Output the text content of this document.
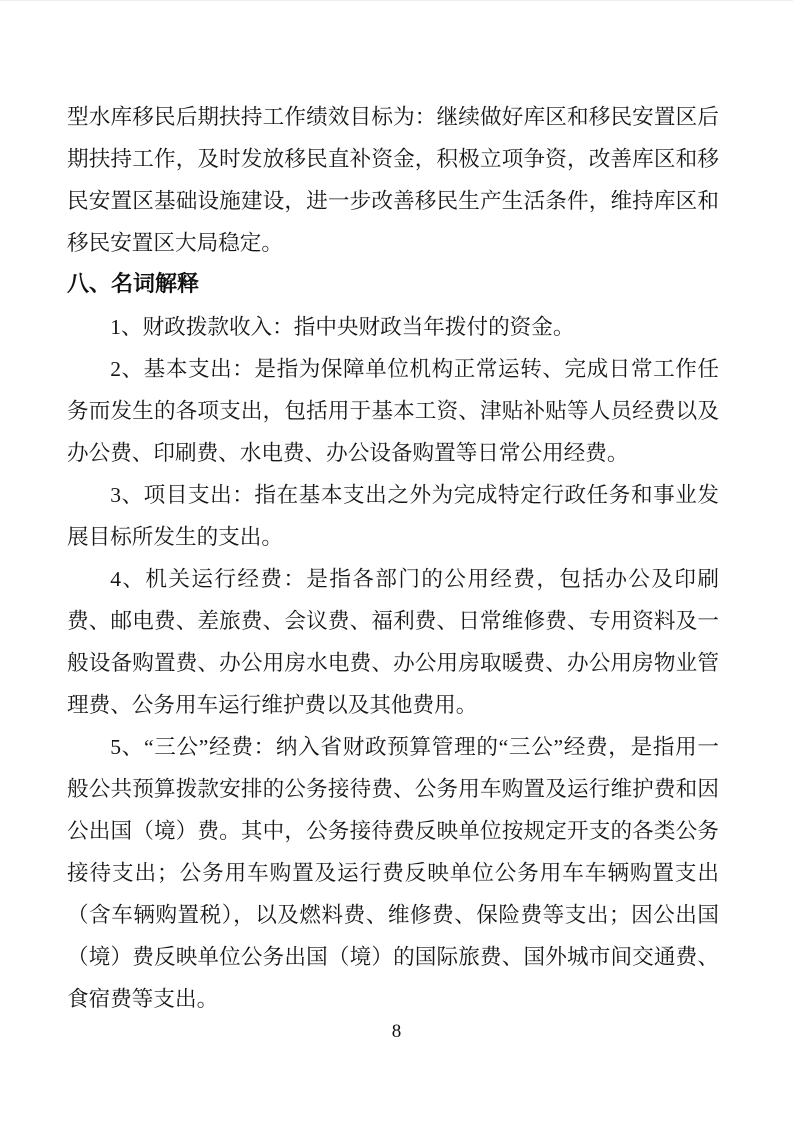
型水库移民后期扶持工作绩效目标为：继续做好库区和移民安置区后期扶持工作，及时发放移民直补资金，积极立项争资，改善库区和移民安置区基础设施建设，进一步改善移民生产生活条件，维持库区和移民安置区大局稳定。

八、名词解释

1、财政拨款收入：指中央财政当年拨付的资金。

2、基本支出：是指为保障单位机构正常运转、完成日常工作任务而发生的各项支出，包括用于基本工资、津贴补贴等人员经费以及办公费、印刷费、水电费、办公设备购置等日常公用经费。

3、项目支出：指在基本支出之外为完成特定行政任务和事业发展目标所发生的支出。

4、机关运行经费：是指各部门的公用经费，包括办公及印刷费、邮电费、差旅费、会议费、福利费、日常维修费、专用资料及一般设备购置费、办公用房水电费、办公用房取暖费、办公用房物业管理费、公务用车运行维护费以及其他费用。

5、“三公”经费：纳入省财政预算管理的“三公”经费，是指用一般公共预算拨款安排的公务接待费、公务用车购置及运行维护费和因公出国（境）费。其中，公务接待费反映单位按规定开支的各类公务接待支出；公务用车购置及运行费反映单位公务用车车辆购置支出（含车辆购置税），以及燃料费、维修费、保险费等支出；因公出国（境）费反映单位公务出国（境）的国际旅费、国外城市间交通费、食宿费等支出。

8
